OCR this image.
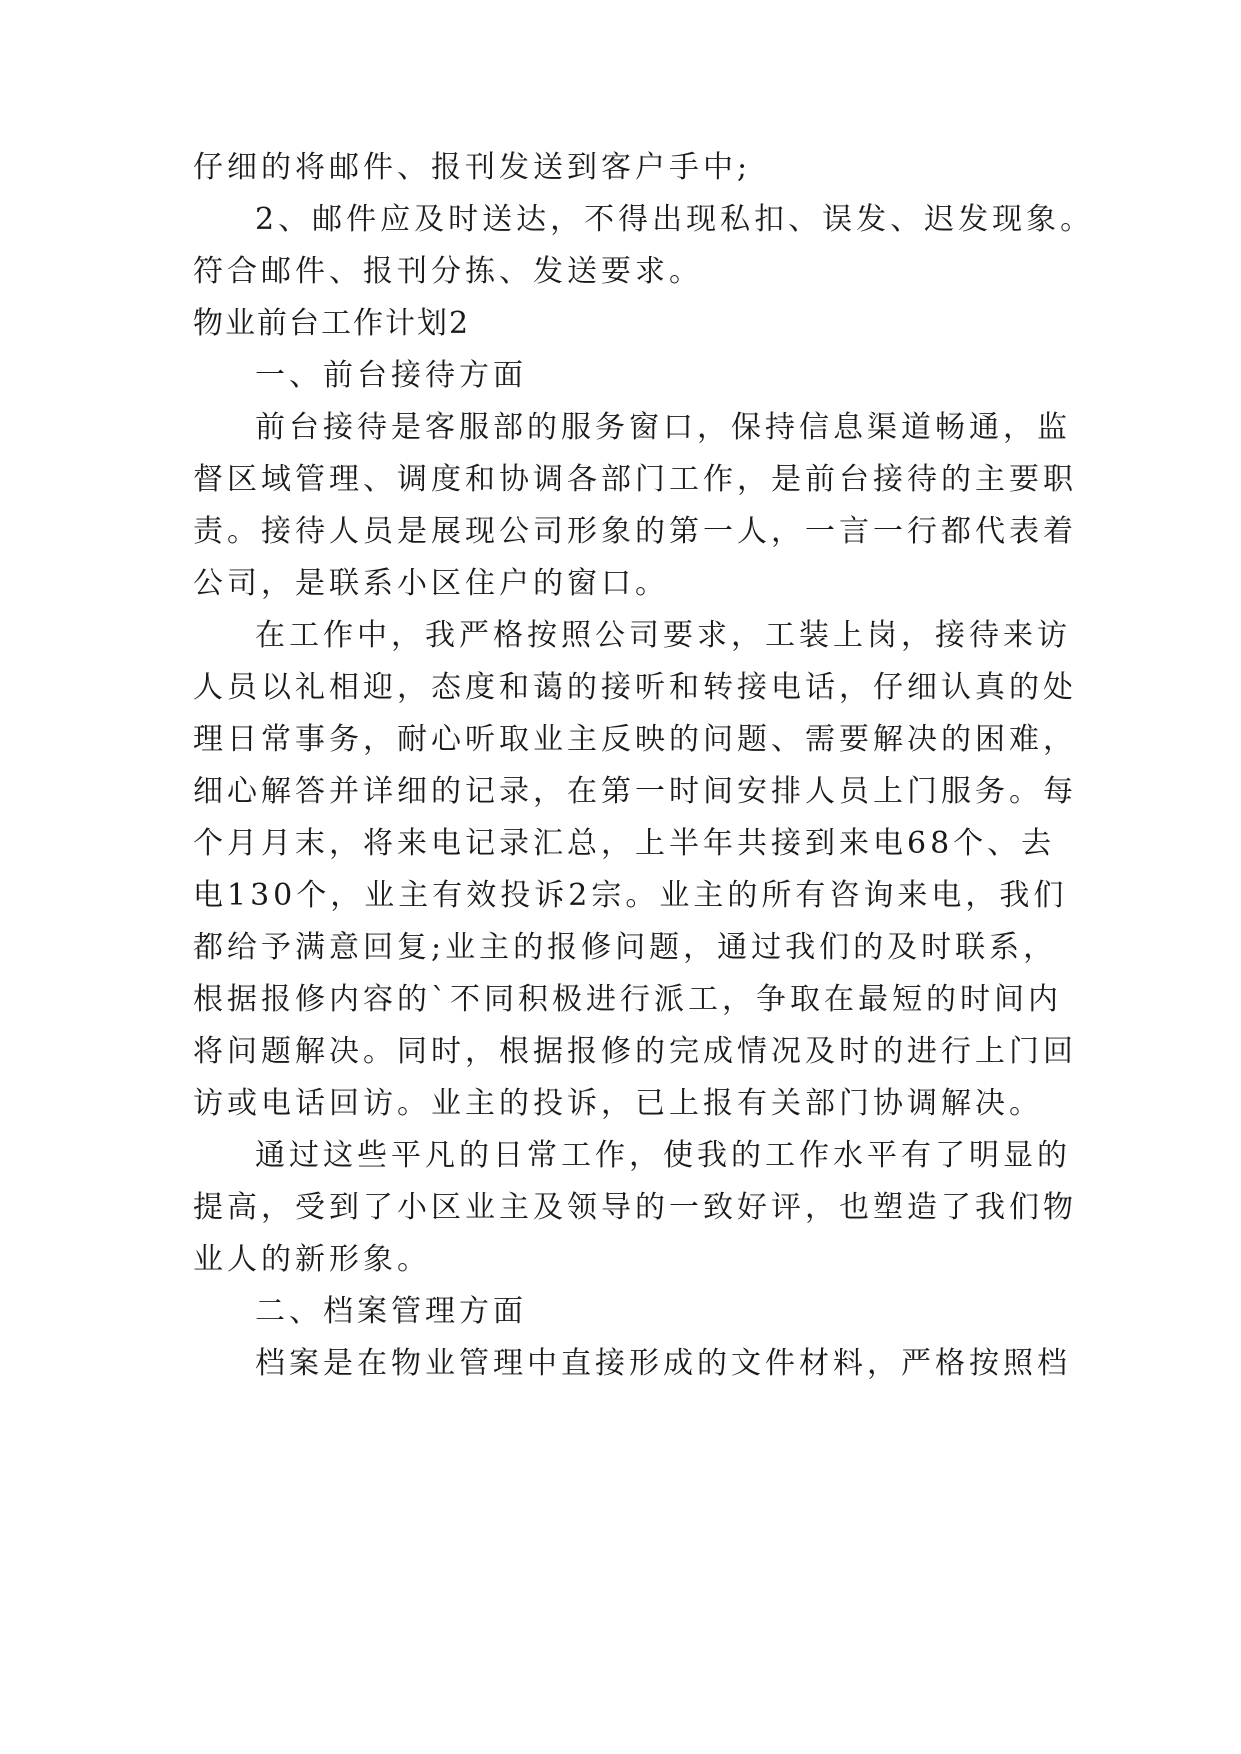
仔细的将邮件、报刊发送到客户手中;
2、邮件应及时送达，不得出现私扣、误发、迟发现象。
符合邮件、报刊分拣、发送要求。
物业前台工作计划2
一、前台接待方面
前台接待是客服部的服务窗口，保持信息渠道畅通，监
督区域管理、调度和协调各部门工作，是前台接待的主要职
责。接待人员是展现公司形象的第一人，一言一行都代表着
公司，是联系小区住户的窗口。
在工作中，我严格按照公司要求，工装上岗，接待来访
人员以礼相迎，态度和蔼的接听和转接电话，仔细认真的处
理日常事务，耐心听取业主反映的问题、需要解决的困难，
细心解答并详细的记录，在第一时间安排人员上门服务。每
个月月末，将来电记录汇总，上半年共接到来电68个、去
电130个，业主有效投诉2宗。业主的所有咨询来电，我们
都给予满意回复;业主的报修问题，通过我们的及时联系，
根据报修内容的`不同积极进行派工，争取在最短的时间内
将问题解决。同时，根据报修的完成情况及时的进行上门回
访或电话回访。业主的投诉，已上报有关部门协调解决。
通过这些平凡的日常工作，使我的工作水平有了明显的
提高，受到了小区业主及领导的一致好评，也塑造了我们物
业人的新形象。
二、档案管理方面
档案是在物业管理中直接形成的文件材料，严格按照档
